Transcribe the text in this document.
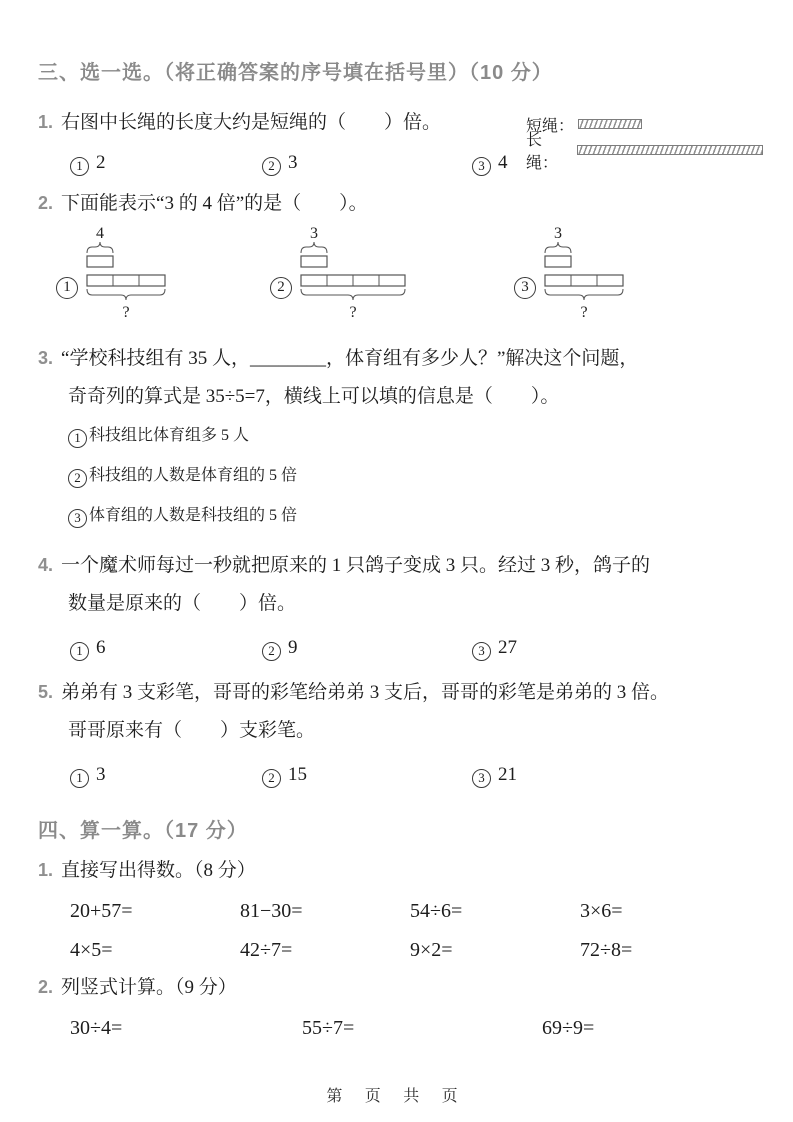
三、选一选。（将正确答案的序号填在括号里）（10 分）
1. 右图中长绳的长度大约是短绳的（　　）倍。
1 2	2 3	3 4
短绳：
长绳：
2. 下面能表示“3 的 4 倍”的是（　　）。
1
4
?
2
3
?
3
3
?
3. “学校科技组有 35 人，________，体育组有多少人？”解决这个问题，
奇奇列的算式是 35÷5=7，横线上可以填的信息是（　　）。
1 科技组比体育组多 5 人
2 科技组的人数是体育组的 5 倍
3 体育组的人数是科技组的 5 倍
4. 一个魔术师每过一秒就把原来的 1 只鸽子变成 3 只。经过 3 秒，鸽子的
数量是原来的（　　）倍。
1 6	2 9	3 27
5. 弟弟有 3 支彩笔，哥哥的彩笔给弟弟 3 支后，哥哥的彩笔是弟弟的 3 倍。
哥哥原来有（　　）支彩笔。
1 3	2 15	3 21
四、算一算。（17 分）
1. 直接写出得数。（8 分）
20+57=	81−30=	54÷6=	3×6=
4×5=	42÷7=	9×2=	72÷8=
2. 列竖式计算。（9 分）
30÷4=	55÷7=	69÷9=
第 页 共 页
